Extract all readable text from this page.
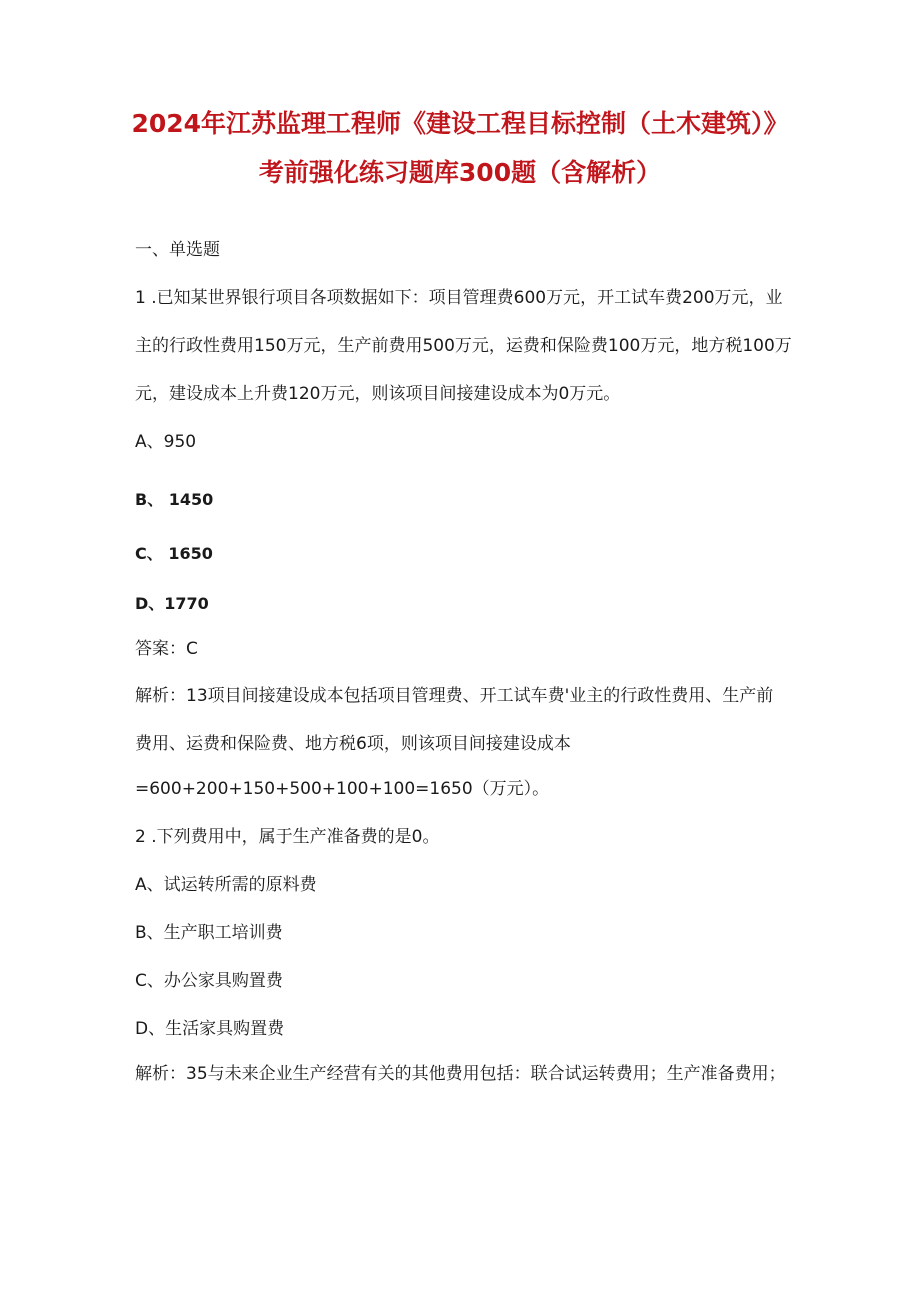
2024年江苏监理工程师《建设工程目标控制（土木建筑）》
考前强化练习题库300题（含解析）
一、单选题
1 .已知某世界银行项目各项数据如下：项目管理费600万元，开工试车费200万元，业
主的行政性费用150万元，生产前费用500万元，运费和保险费100万元，地方税100万
元，建设成本上升费120万元，则该项目间接建设成本为0万元。
A、950
B、 1450
C、 1650
D、1770
答案：C
解析：13项目间接建设成本包括项目管理费、开工试车费'业主的行政性费用、生产前
费用、运费和保险费、地方税6项，则该项目间接建设成本
=600+200+150+500+100+100=1650（万元）。
2 .下列费用中，属于生产准备费的是0。
A、试运转所需的原料费
B、生产职工培训费
C、办公家具购置费
D、生活家具购置费
解析：35与未来企业生产经营有关的其他费用包括：联合试运转费用；生产准备费用；
